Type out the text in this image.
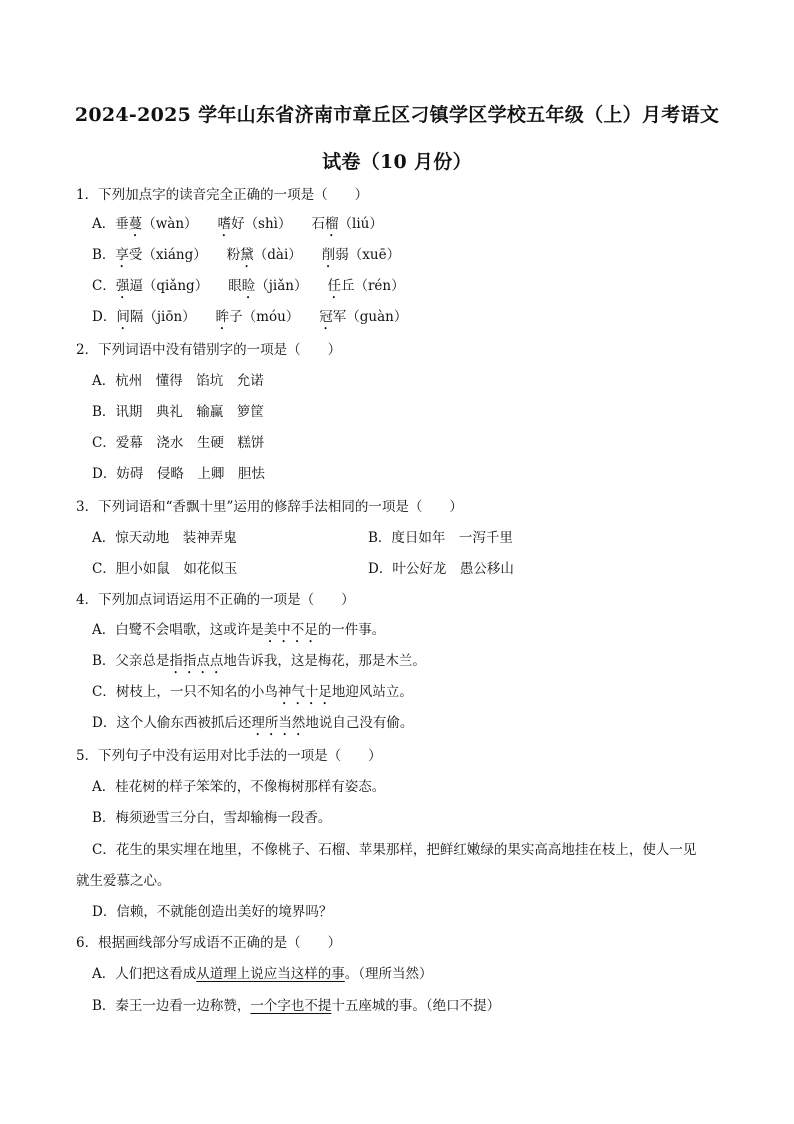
2024-2025 学年山东省济南市章丘区刁镇学区学校五年级（上）月考语文
试卷（10 月份）
1．下列加点字的读音完全正确的一项是（　　）
A．垂蔓（wàn） 嗜好（shì） 石榴（liú）
B．享受（xiáng） 粉黛（dài） 削弱（xuē）
C．强逼（qiǎng） 眼睑（jiǎn） 任丘（rén）
D．间隔（jiōn） 眸子（móu） 冠军（guàn）
2．下列词语中没有错别字的一项是（　　）
A．杭州　懂得　馅坑　允诺
B．讯期　典礼　输赢　箩筐
C．爱幕　浇水　生硬　糕饼
D．妨碍　侵略　上卿　胆怯
3．下列词语和“香飘十里”运用的修辞手法相同的一项是（　　）
A．惊天动地　装神弄鬼	B．度日如年　一泻千里
C．胆小如鼠　如花似玉	D．叶公好龙　愚公移山
4．下列加点词语运用不正确的一项是（　　）
A．白鹭不会唱歌，这或许是美中不足的一件事。
B．父亲总是指指点点地告诉我，这是梅花，那是木兰。
C．树枝上，一只不知名的小鸟神气十足地迎风站立。
D．这个人偷东西被抓后还理所当然地说自己没有偷。
5．下列句子中没有运用对比手法的一项是（　　）
A．桂花树的样子笨笨的，不像梅树那样有姿态。
B．梅须逊雪三分白，雪却输梅一段香。
C．花生的果实埋在地里，不像桃子、石榴、苹果那样，把鲜红嫩绿的果实高高地挂在枝上，使人一见
就生爱慕之心。
D．信赖，不就能创造出美好的境界吗？
6．根据画线部分写成语不正确的是（　　）
A．人们把这看成从道理上说应当这样的事。（理所当然）
B．秦王一边看一边称赞，一个字也不提十五座城的事。（绝口不提）
